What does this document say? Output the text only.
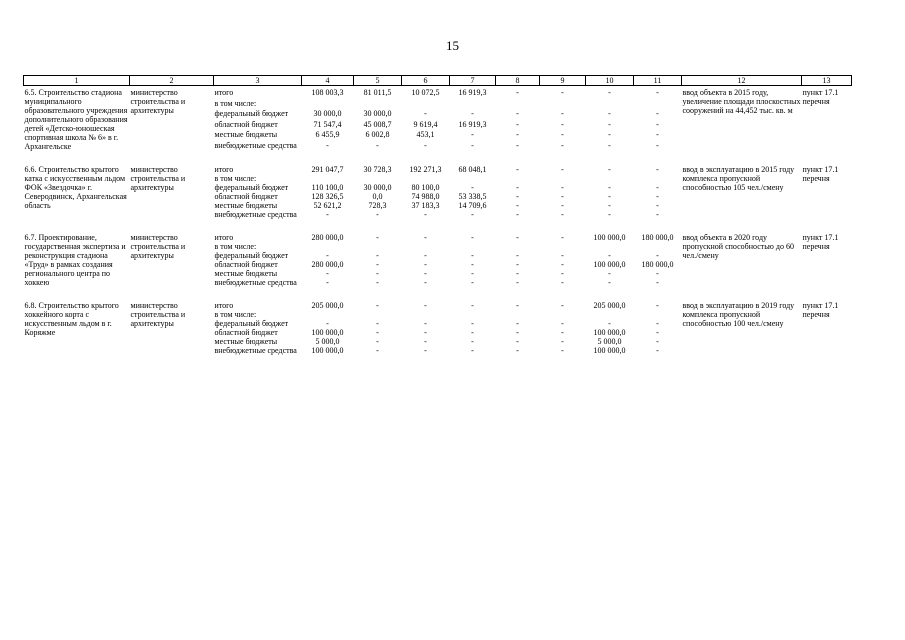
15
1	2	3	4	5	6	7	8	9	10	11	12	13
6.5. Строительство стадиона муниципального образовательного учреждения дополнительного образования детей «Детско-юношеская спортивная школа № 6» в г. Архангельске	министерство строительства и архитектуры	итого	108 003,3	81 011,5	10 072,5	16 919,3	-	-	-	-	ввод объекта в 2015 году, увеличение площади плоскостных сооружений на 44,452 тыс. кв. м	пункт 17.1 перечня
		в том числе:										
		федеральный бюджет	30 000,0	30 000,0	-	-	-	-	-	-		
		областной бюджет	71 547,4	45 008,7	9 619,4	16 919,3	-	-	-	-		
		местные бюджеты	6 455,9	6 002,8	453,1	-	-	-	-	-		
		внебюджетные средства	-	-	-	-	-	-	-	-		

6.6. Строительство крытого катка с искусственным льдом ФОК «Звездочка» г. Северодвинск, Архангельская область	министерство строительства и архитектуры	итого	291 047,7	30 728,3	192 271,3	68 048,1	-	-	-	-	ввод в эксплуатацию в 2015 году комплекса пропускной способностью 105 чел./смену	пункт 17.1 перечня
		в том числе:										
		федеральный бюджет	110 100,0	30 000,0	80 100,0	-	-	-	-	-		
		областной бюджет	128 326,5	0,0	74 988,0	53 338,5	-	-	-	-		
		местные бюджеты	52 621,2	728,3	37 183,3	14 709,6	-	-	-	-		
		внебюджетные средства	-	-	-	-	-	-	-	-		

6.7. Проектирование, государственная экспертиза и реконструкция стадиона «Труд» в рамках создания регионального центра по хоккею	министерство строительства и архитектуры	итого	280 000,0	-	-	-	-	-	100 000,0	180 000,0	ввод объекта в 2020 году пропускной способностью до 60 чел./смену	пункт 17.1 перечня
		в том числе:										
		федеральный бюджет	-	-	-	-	-	-	-	-		
		областной бюджет	280 000,0	-	-	-	-	-	100 000,0	180 000,0		
		местные бюджеты	-	-	-	-	-	-	-	-		
		внебюджетные средства	-	-	-	-	-	-	-	-		

6.8. Строительство крытого хоккейного корта с искусственным льдом в г. Коряжме	министерство строительства и архитектуры	итого	205 000,0	-	-	-	-	-	205 000,0	-	ввод в эксплуатацию в 2019 году комплекса пропускной способностью 100 чел./смену	пункт 17.1 перечня
		в том числе:										
		федеральный бюджет	-	-	-	-	-	-	-	-		
		областной бюджет	100 000,0	-	-	-	-	-	100 000,0	-		
		местные бюджеты	5 000,0	-	-	-	-	-	5 000,0	-		
		внебюджетные средства	100 000,0	-	-	-	-	-	100 000,0	-		
